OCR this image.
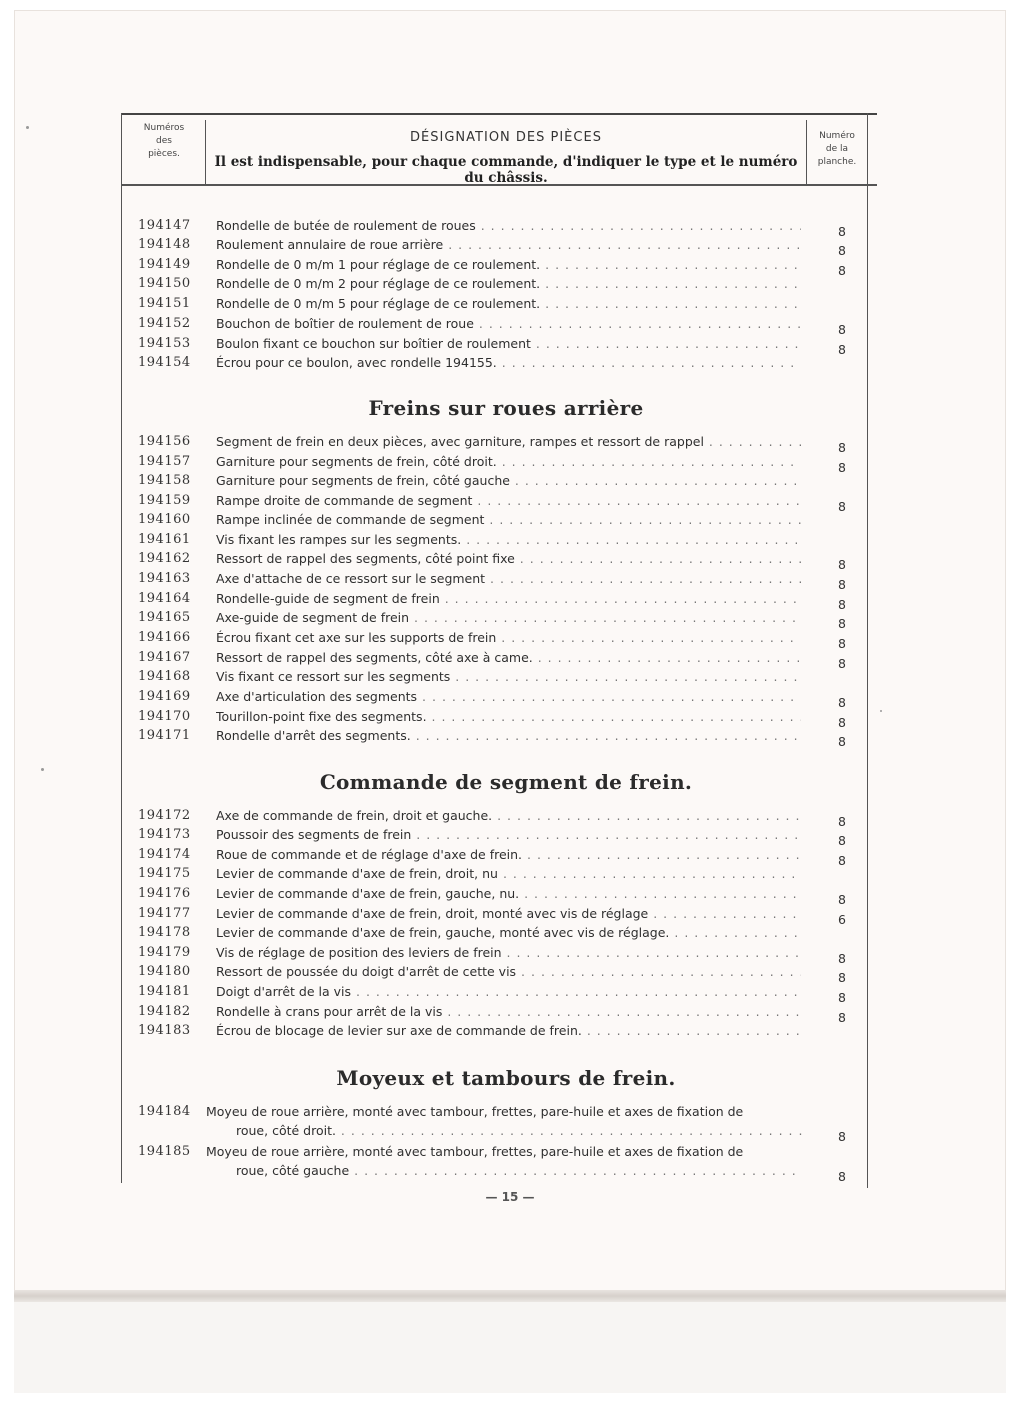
Numéros
des
pièces.
DÉSIGNATION DES PIÈCES
Il est indispensable, pour chaque commande, d'indiquer le type et le numéro du châssis.
Numéro
de la
planche.
194147	Rondelle de butée de roulement de roues . .	8
194148	Roulement annulaire de roue arrière . .	8
194149	Rondelle de 0 m/m 1 pour réglage de ce roulement. . .	8
194150	Rondelle de 0 m/m 2 pour réglage de ce roulement. . .
194151	Rondelle de 0 m/m 5 pour réglage de ce roulement. . .
194152	Bouchon de boîtier de roulement de roue . .	8
194153	Boulon fixant ce bouchon sur boîtier de roulement . .	8
194154	Écrou pour ce boulon, avec rondelle 194155. . .
Freins sur roues arrière
194156	Segment de frein en deux pièces, avec garniture, rampes et ressort de rappel . .	8
194157	Garniture pour segments de frein, côté droit. . .	8
194158	Garniture pour segments de frein, côté gauche . .
194159	Rampe droite de commande de segment . .	8
194160	Rampe inclinée de commande de segment . .
194161	Vis fixant les rampes sur les segments. . .
194162	Ressort de rappel des segments, côté point fixe . .	8
194163	Axe d'attache de ce ressort sur le segment . .	8
194164	Rondelle-guide de segment de frein . .	8
194165	Axe-guide de segment de frein . .	8
194166	Écrou fixant cet axe sur les supports de frein . .	8
194167	Ressort de rappel des segments, côté axe à came. . .	8
194168	Vis fixant ce ressort sur les segments . .
194169	Axe d'articulation des segments . .	8
194170	Tourillon-point fixe des segments. . .	8
194171	Rondelle d'arrêt des segments. . .	8
Commande de segment de frein.
194172	Axe de commande de frein, droit et gauche. . .	8
194173	Poussoir des segments de frein . .	8
194174	Roue de commande et de réglage d'axe de frein. . .	8
194175	Levier de commande d'axe de frein, droit, nu . .
194176	Levier de commande d'axe de frein, gauche, nu. . .	8
194177	Levier de commande d'axe de frein, droit, monté avec vis de réglage . .	6
194178	Levier de commande d'axe de frein, gauche, monté avec vis de réglage. . .
194179	Vis de réglage de position des leviers de frein . .	8
194180	Ressort de poussée du doigt d'arrêt de cette vis . .	8
194181	Doigt d'arrêt de la vis . .	8
194182	Rondelle à crans pour arrêt de la vis . .	8
194183	Écrou de blocage de levier sur axe de commande de frein. . .
Moyeux et tambours de frein.
194184	Moyeu de roue arrière, monté avec tambour, frettes, pare-huile et axes de fixation de
roue, côté droit. . .	8
194185	Moyeu de roue arrière, monté avec tambour, frettes, pare-huile et axes de fixation de
roue, côté gauche . .	8
— 15 —
